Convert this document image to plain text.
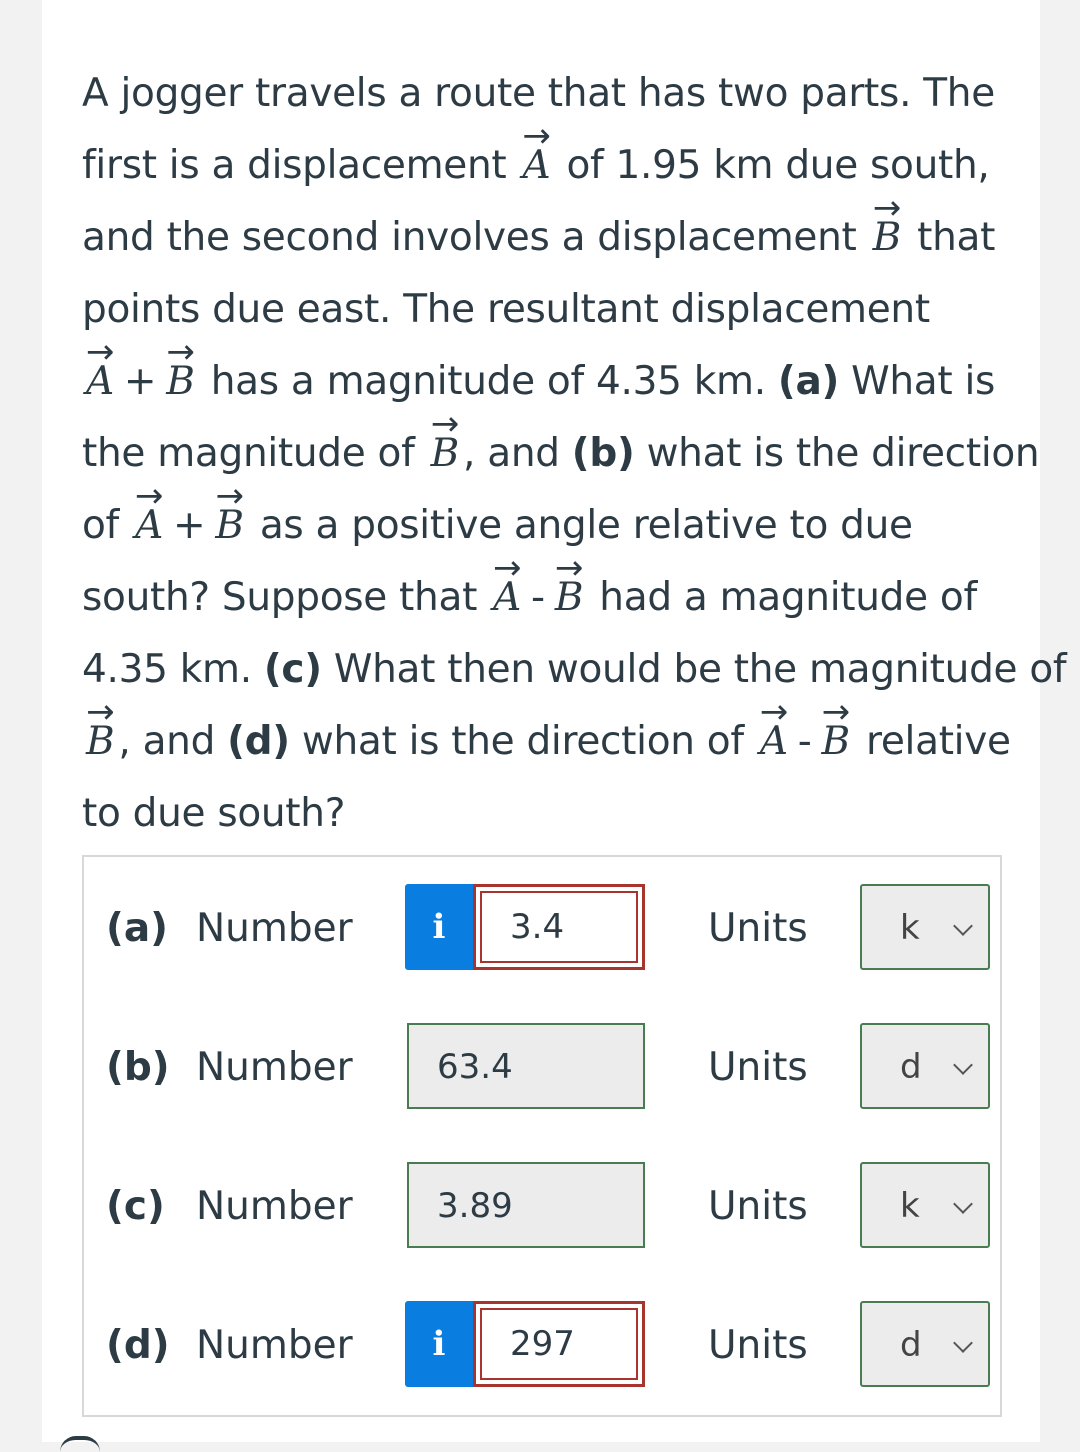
A jogger travels a route that has two parts. The
first is a displacement → A of 1.95 km due south,
and the second involves a displacement → B that
points due east. The resultant displacement
→ A + → B has a magnitude of 4.35 km. (a) What is
the magnitude of → B , and (b) what is the direction
of → A + → B as a positive angle relative to due
south? Suppose that → A - → B had a magnitude of
4.35 km. (c) What then would be the magnitude of
→ B , and (d) what is the direction of → A - → B relative
to due south?
(a) Number	i	3.4	Units	k
(b) Number 63.4	Units	d
(c) Number 3.89	Units	k
(d) Number	i	297	Units	d
